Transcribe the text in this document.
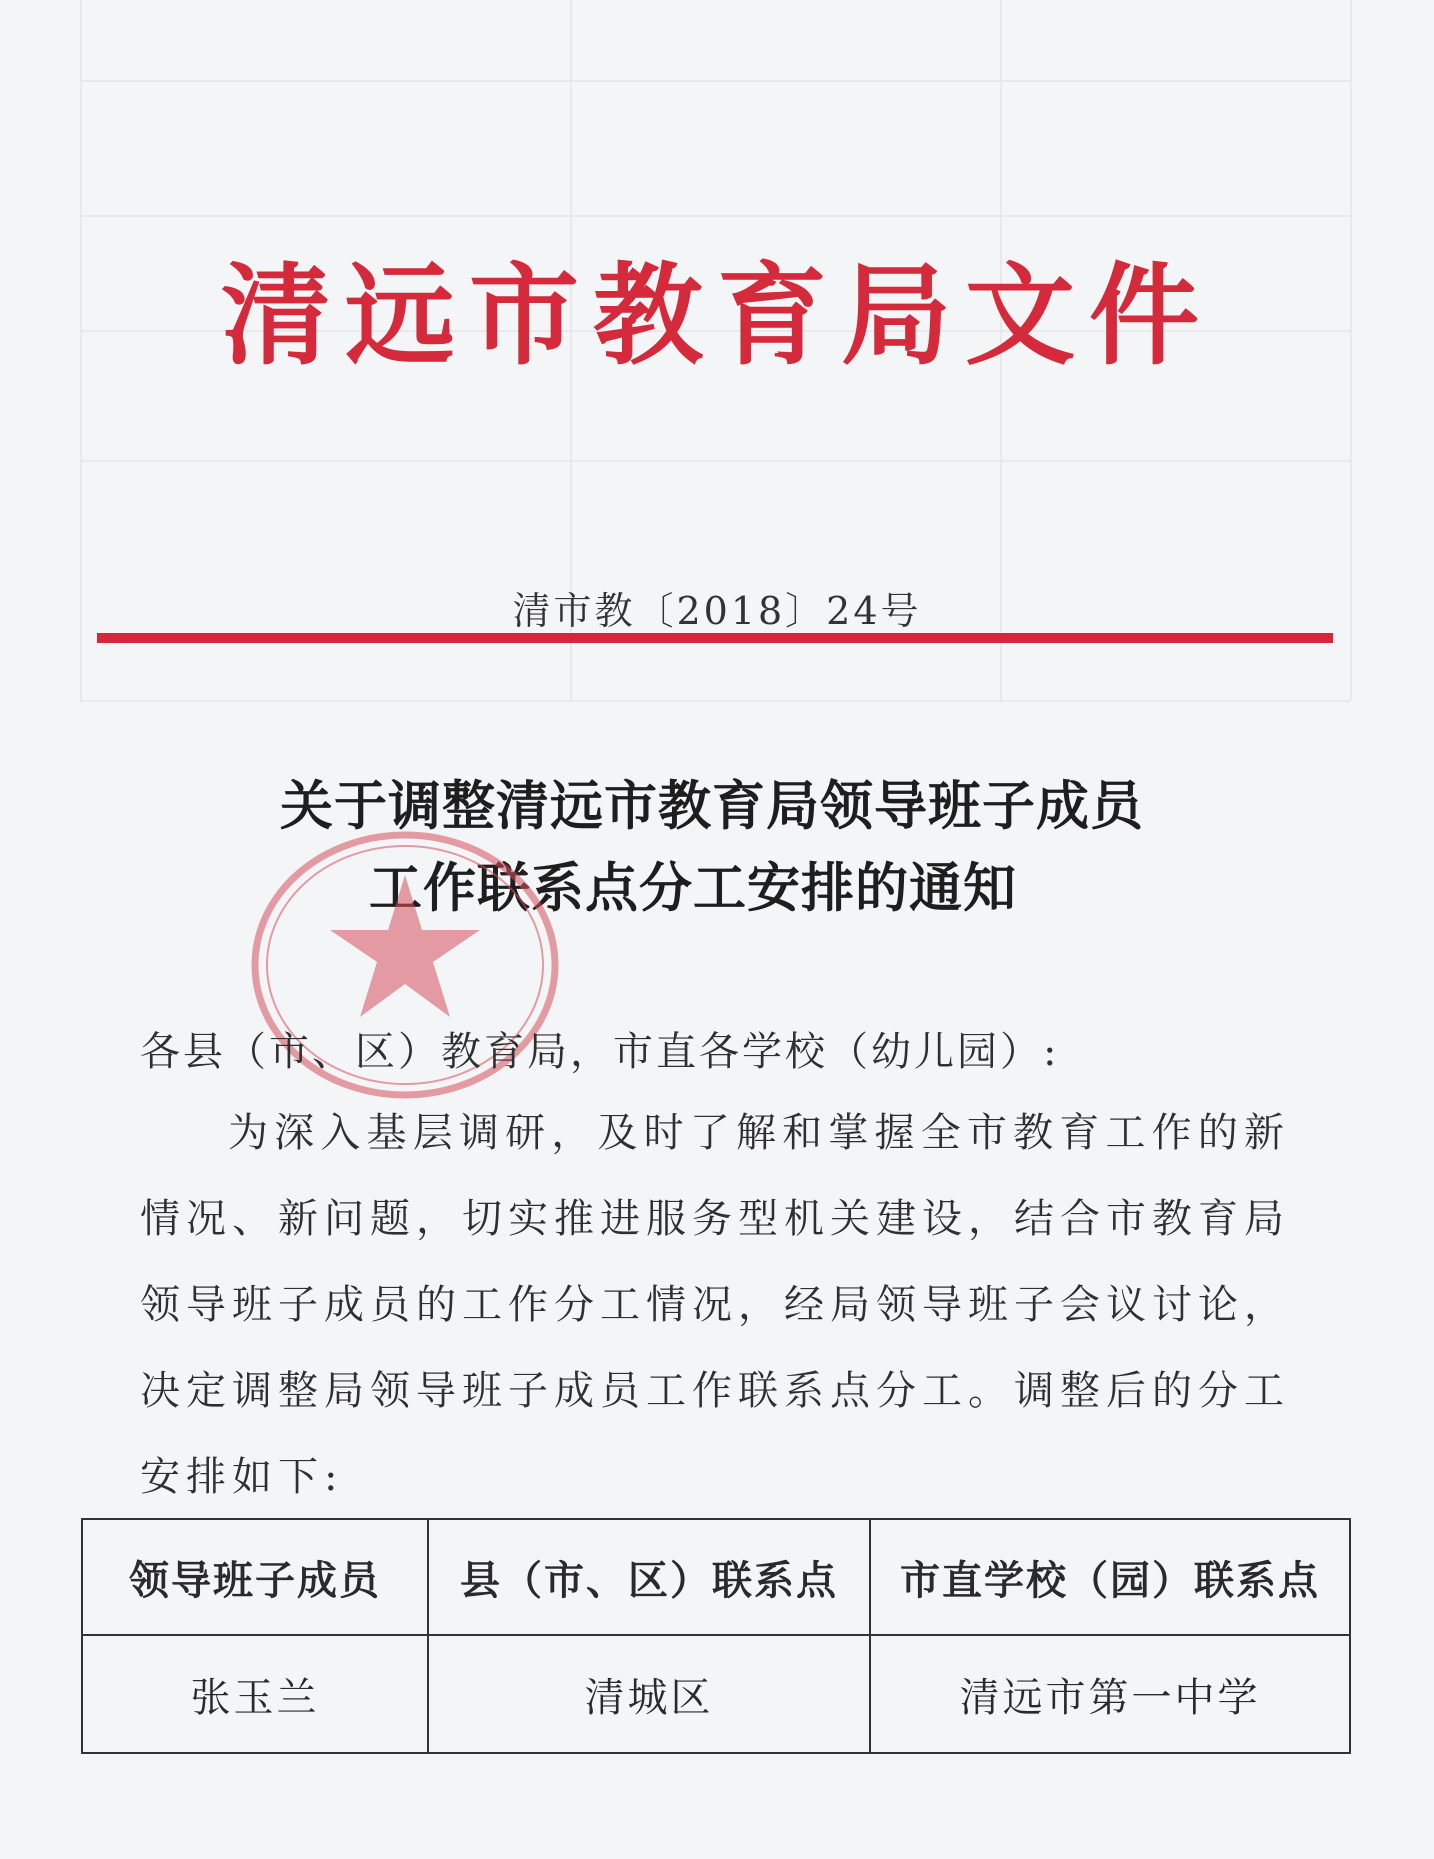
清远市教育局文件
清市教〔2018〕24号
关于调整清远市教育局领导班子成员
工作联系点分工安排的通知
各县（市、区）教育局，市直各学校（幼儿园）:
为深入基层调研，及时了解和掌握全市教育工作的新情况、新问题，切实推进服务型机关建设，结合市教育局领导班子成员的工作分工情况，经局领导班子会议讨论，决定调整局领导班子成员工作联系点分工。调整后的分工安排如下:
领导班子成员	县（市、区）联系点	市直学校（园）联系点
张玉兰	清城区	清远市第一中学
